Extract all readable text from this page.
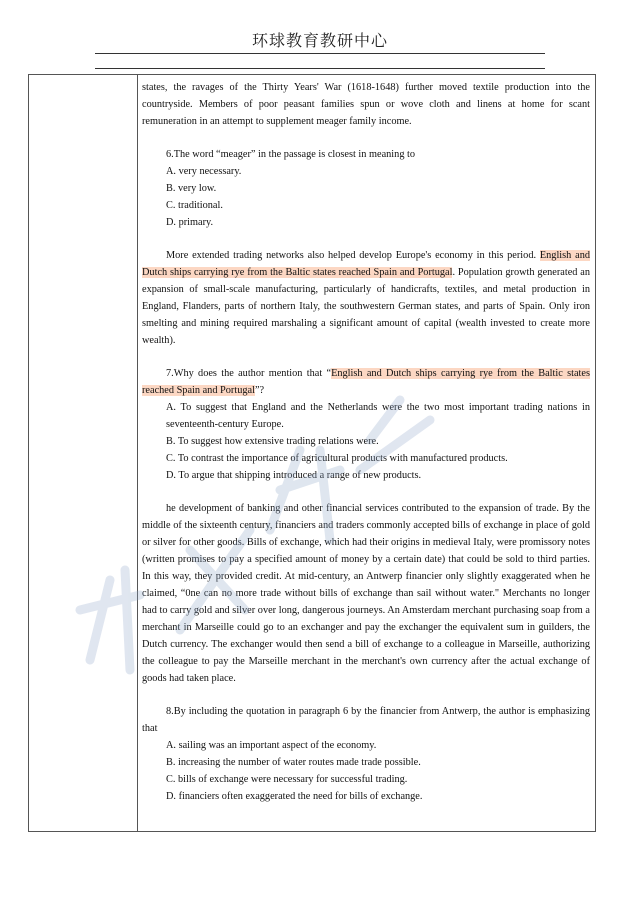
环球教育教研中心

states, the ravages of the Thirty Years' War (1618-1648) further moved textile production into the countryside. Members of poor peasant families spun or wove cloth and linens at home for scant remuneration in an attempt to supplement meager family income.

6.The word “meager” in the passage is closest in meaning to

A. very necessary.

B. very low.

C. traditional.

D. primary.

More extended trading networks also helped develop Europe's economy in this period. English and Dutch ships carrying rye from the Baltic states reached Spain and Portugal. Population growth generated an expansion of small-scale manufacturing, particularly of handicrafts, textiles, and metal production in England, Flanders, parts of northern Italy, the southwestern German states, and parts of Spain. Only iron smelting and mining required marshaling a significant amount of capital (wealth invested to create more wealth).

7.Why does the author mention that “English and Dutch ships carrying rye from the Baltic states reached Spain and Portugal”?

A. To suggest that England and the Netherlands were the two most important trading nations in seventeenth-century Europe.

B. To suggest how extensive trading relations were.

C. To contrast the importance of agricultural products with manufactured products.

D. To argue that shipping introduced a range of new products.

he development of banking and other financial services contributed to the expansion of trade. By the middle of the sixteenth century, financiers and traders commonly accepted bills of exchange in place of gold or silver for other goods. Bills of exchange, which had their origins in medieval Italy, were promissory notes (written promises to pay a specified amount of money by a certain date) that could be sold to third parties. In this way, they provided credit. At mid-century, an Antwerp financier only slightly exaggerated when he claimed, “0ne can no more trade without bills of exchange than sail without water." Merchants no longer had to carry gold and silver over long, dangerous journeys. An Amsterdam merchant purchasing soap from a merchant in Marseille could go to an exchanger and pay the exchanger the equivalent sum in guilders, the Dutch currency. The exchanger would then send a bill of exchange to a colleague in Marseille, authorizing the colleague to pay the Marseille merchant in the merchant's own currency after the actual exchange of goods had taken place.

8.By including the quotation in paragraph 6 by the financier from Antwerp, the author is emphasizing that

A. sailing was an important aspect of the economy.

B. increasing the number of water routes made trade possible.

C. bills of exchange were necessary for successful trading.

D. financiers often exaggerated the need for bills of exchange.
